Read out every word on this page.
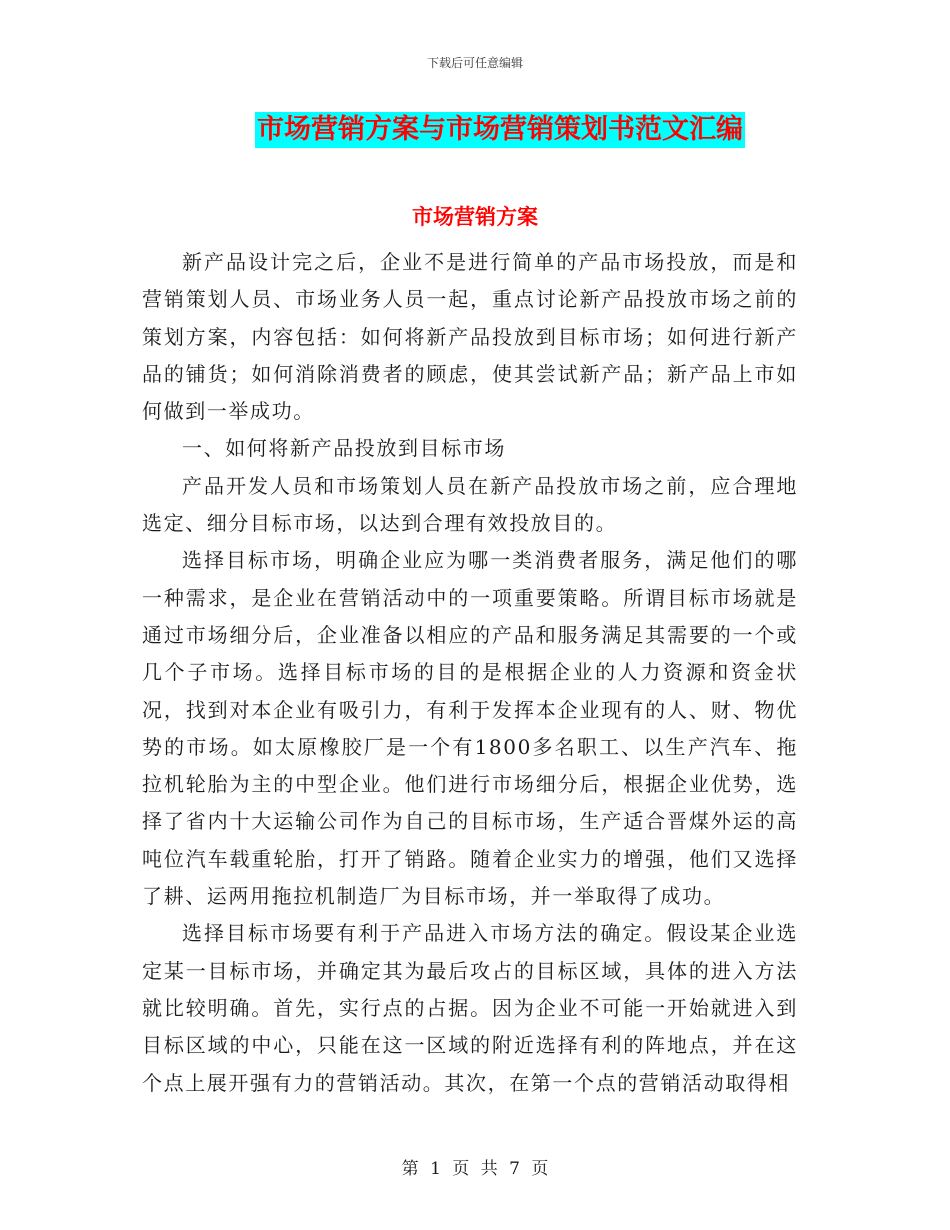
下载后可任意编辑
市场营销方案与市场营销策划书范文汇编
市场营销方案

新产品设计完之后，企业不是进行简单的产品市场投放，而是和营销策划人员、市场业务人员一起，重点讨论新产品投放市场之前的策划方案，内容包括：如何将新产品投放到目标市场；如何进行新产品的铺货；如何消除消费者的顾虑，使其尝试新产品；新产品上市如何做到一举成功。

一、如何将新产品投放到目标市场

产品开发人员和市场策划人员在新产品投放市场之前，应合理地选定、细分目标市场，以达到合理有效投放目的。

选择目标市场，明确企业应为哪一类消费者服务，满足他们的哪一种需求，是企业在营销活动中的一项重要策略。所谓目标市场就是通过市场细分后，企业准备以相应的产品和服务满足其需要的一个或几个子市场。选择目标市场的目的是根据企业的人力资源和资金状况，找到对本企业有吸引力，有利于发挥本企业现有的人、财、物优势的市场。如太原橡胶厂是一个有1800多名职工、以生产汽车、拖拉机轮胎为主的中型企业。他们进行市场细分后，根据企业优势，选择了省内十大运输公司作为自己的目标市场，生产适合晋煤外运的高吨位汽车载重轮胎，打开了销路。随着企业实力的增强，他们又选择了耕、运两用拖拉机制造厂为目标市场，并一举取得了成功。

选择目标市场要有利于产品进入市场方法的确定。假设某企业选定某一目标市场，并确定其为最后攻占的目标区域，具体的进入方法就比较明确。首先，实行点的占据。因为企业不可能一开始就进入到目标区域的中心，只能在这一区域的附近选择有利的阵地点，并在这个点上展开强有力的营销活动。其次，在第一个点的营销活动取得相

第 1 页 共 7 页
